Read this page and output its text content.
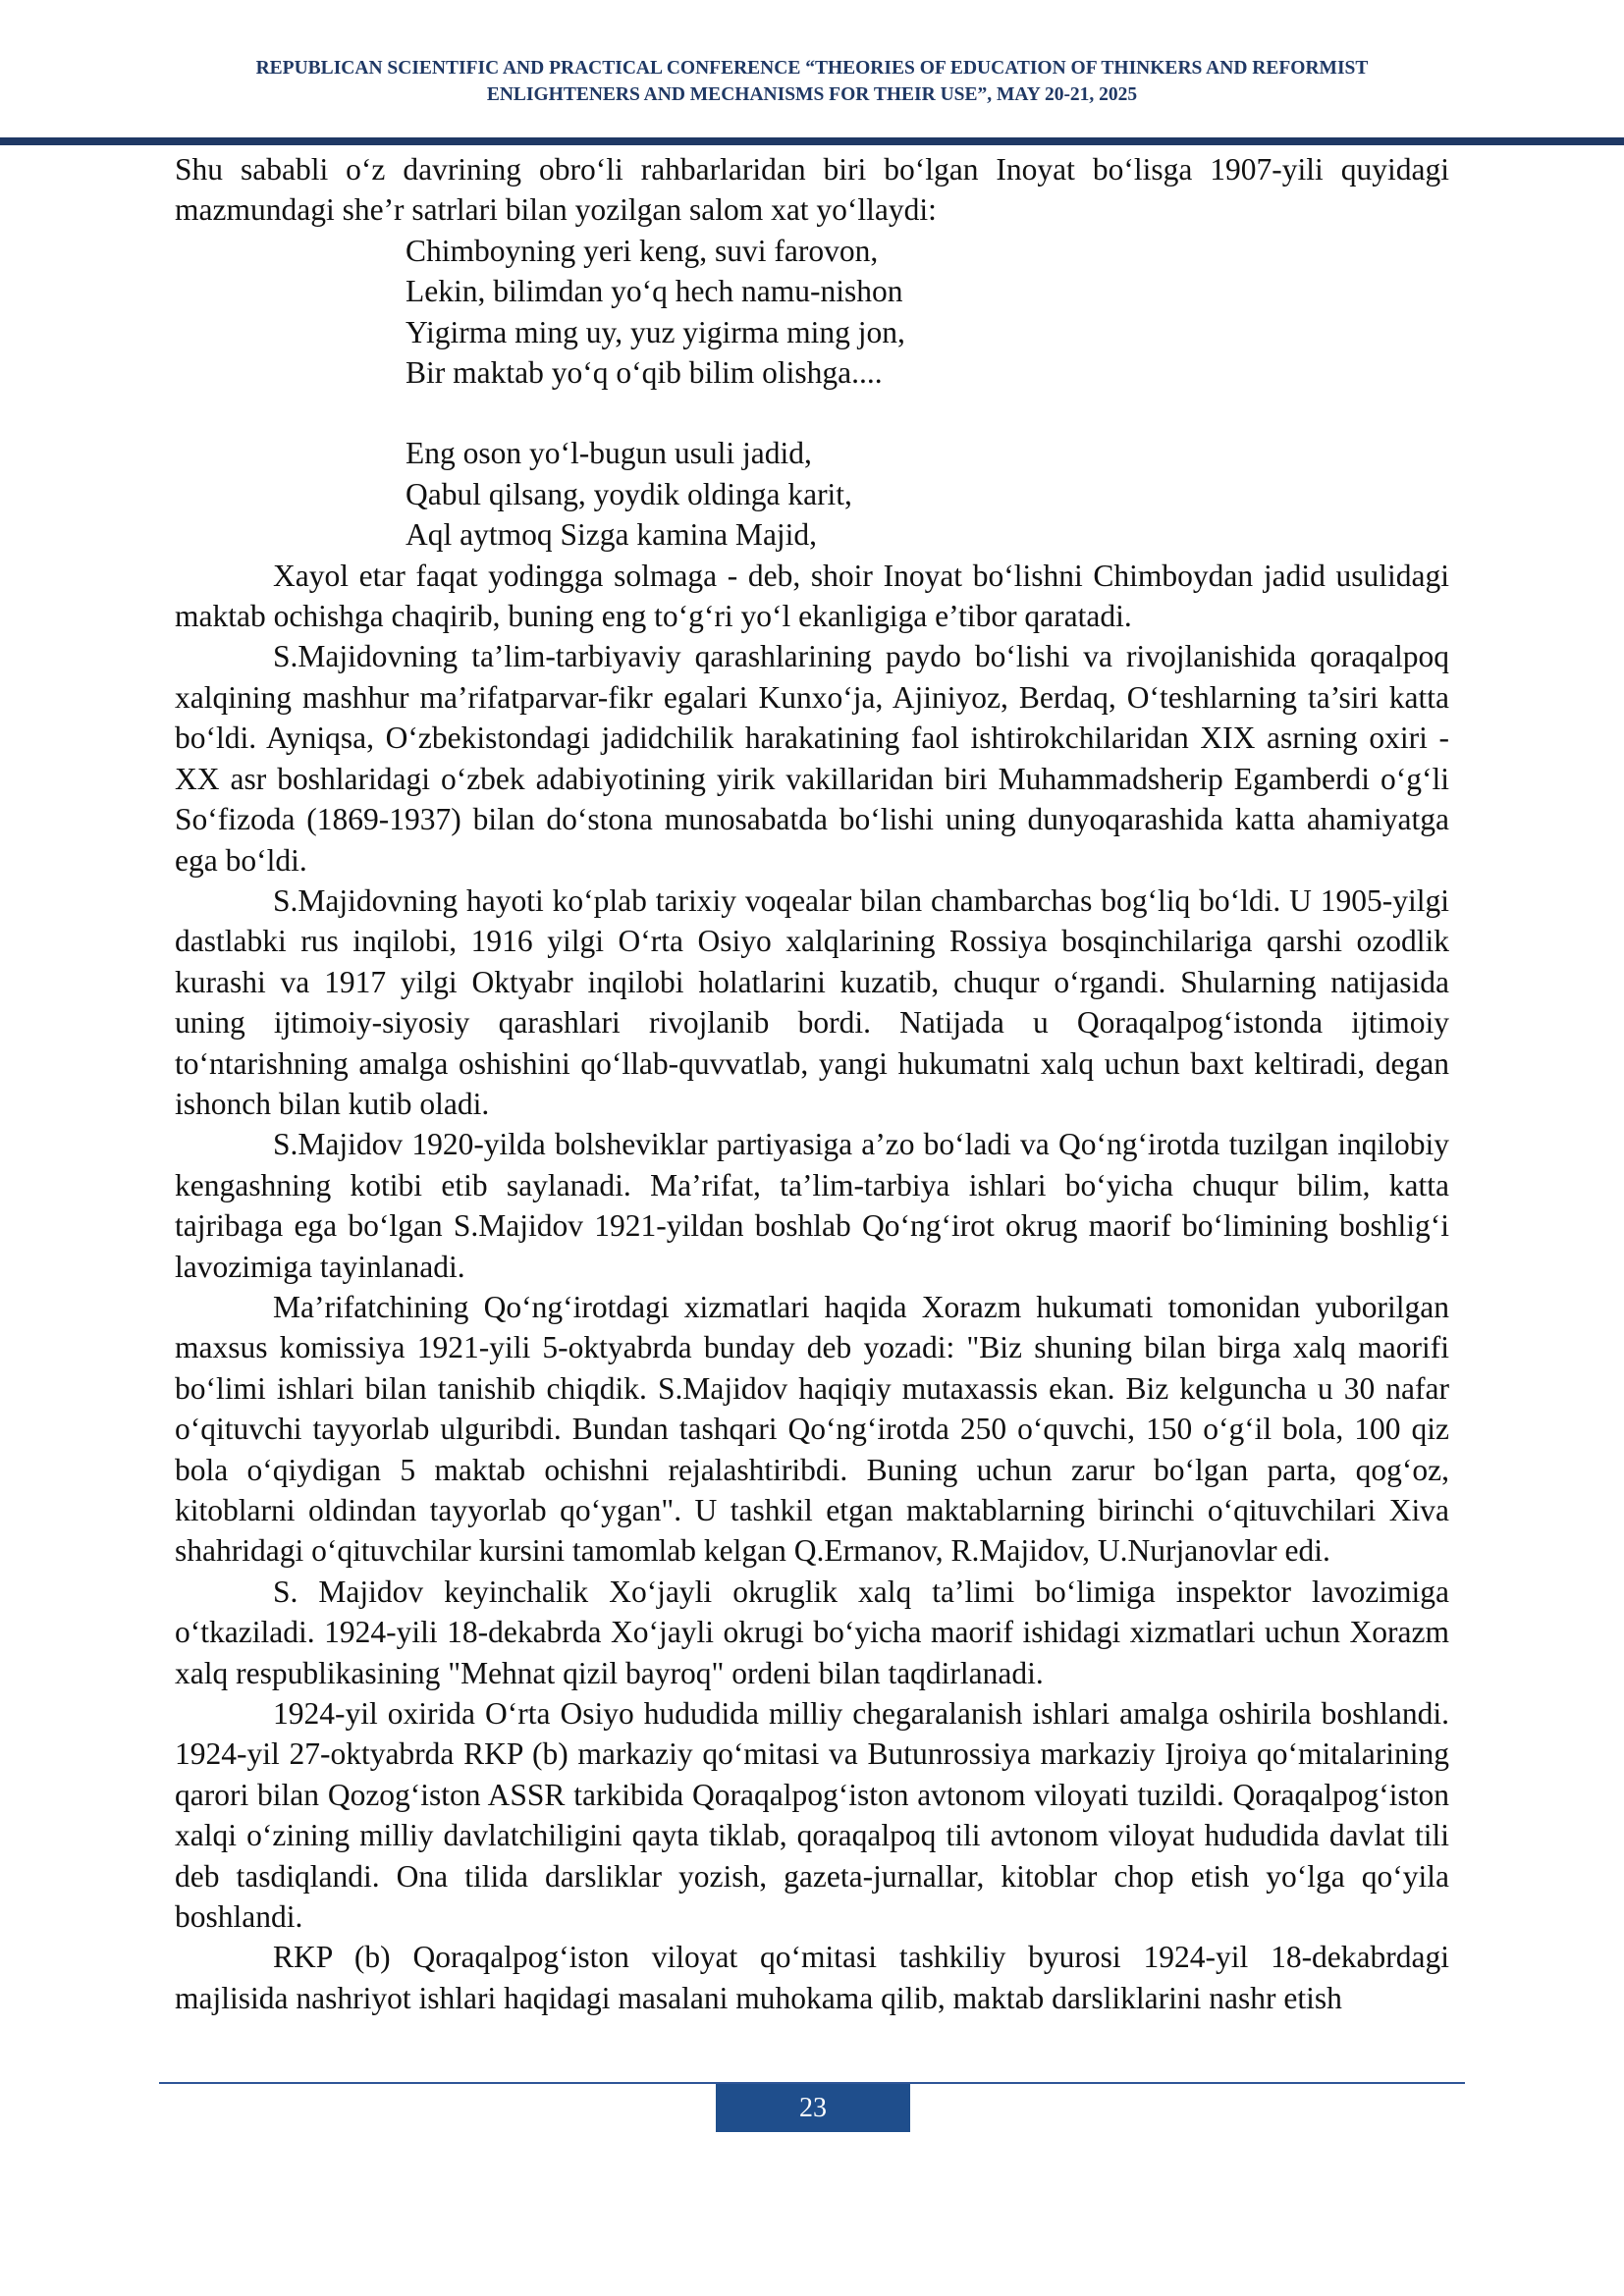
REPUBLICAN SCIENTIFIC AND PRACTICAL CONFERENCE “THEORIES OF EDUCATION OF THINKERS AND REFORMIST
ENLIGHTENERS AND MECHANISMS FOR THEIR USE”, MAY 20-21, 2025

Shu sababli o‘z davrining obro‘li rahbarlaridan biri bo‘lgan Inoyat bo‘lisga 1907-yili quyidagi mazmundagi she’r satrlari bilan yozilgan salom xat yo‘llaydi:

Chimboyning yeri keng, suvi farovon,
Lekin, bilimdan yo‘q hech namu-nishon
Yigirma ming uy, yuz yigirma ming jon,
Bir maktab yo‘q o‘qib bilim olishga....
Eng oson yo‘l-bugun usuli jadid,
Qabul qilsang, yoydik oldinga karit,
Aql aytmoq Sizga kamina Majid,

Xayol etar faqat yodingga solmaga - deb, shoir Inoyat bo‘lishni Chimboydan jadid usulidagi maktab ochishga chaqirib, buning eng to‘g‘ri yo‘l ekanligiga e’tibor qaratadi.

S.Majidovning ta’lim-tarbiyaviy qarashlarining paydo bo‘lishi va rivojlanishida qoraqalpoq xalqining mashhur ma’rifatparvar-fikr egalari Kunxo‘ja, Ajiniyoz, Berdaq, O‘teshlarning ta’siri katta bo‘ldi. Ayniqsa, O‘zbekistondagi jadidchilik harakatining faol ishtirokchilaridan XIX asrning oxiri - XX asr boshlaridagi o‘zbek adabiyotining yirik vakillaridan biri Muhammadsherip Egamberdi o‘g‘li So‘fizoda (1869-1937) bilan do‘stona munosabatda bo‘lishi uning dunyoqarashida katta ahamiyatga ega bo‘ldi.

S.Majidovning hayoti ko‘plab tarixiy voqealar bilan chambarchas bog‘liq bo‘ldi. U 1905-yilgi dastlabki rus inqilobi, 1916 yilgi O‘rta Osiyo xalqlarining Rossiya bosqinchilariga qarshi ozodlik kurashi va 1917 yilgi Oktyabr inqilobi holatlarini kuzatib, chuqur o‘rgandi. Shularning natijasida uning ijtimoiy-siyosiy qarashlari rivojlanib bordi. Natijada u Qoraqalpog‘istonda ijtimoiy to‘ntarishning amalga oshishini qo‘llab-quvvatlab, yangi hukumatni xalq uchun baxt keltiradi, degan ishonch bilan kutib oladi.

S.Majidov 1920-yilda bolsheviklar partiyasiga a’zo bo‘ladi va Qo‘ng‘irotda tuzilgan inqilobiy kengashning kotibi etib saylanadi. Ma’rifat, ta’lim-tarbiya ishlari bo‘yicha chuqur bilim, katta tajribaga ega bo‘lgan S.Majidov 1921-yildan boshlab Qo‘ng‘irot okrug maorif bo‘limining boshlig‘i lavozimiga tayinlanadi.

Ma’rifatchining Qo‘ng‘irotdagi xizmatlari haqida Xorazm hukumati tomonidan yuborilgan maxsus komissiya 1921-yili 5-oktyabrda bunday deb yozadi: "Biz shuning bilan birga xalq maorifi bo‘limi ishlari bilan tanishib chiqdik. S.Majidov haqiqiy mutaxassis ekan. Biz kelguncha u 30 nafar o‘qituvchi tayyorlab ulguribdi. Bundan tashqari Qo‘ng‘irotda 250 o‘quvchi, 150 o‘g‘il bola, 100 qiz bola o‘qiydigan 5 maktab ochishni rejalashtiribdi. Buning uchun zarur bo‘lgan parta, qog‘oz, kitoblarni oldindan tayyorlab qo‘ygan". U tashkil etgan maktablarning birinchi o‘qituvchilari Xiva shahridagi o‘qituvchilar kursini tamomlab kelgan Q.Ermanov, R.Majidov, U.Nurjanovlar edi.

S. Majidov keyinchalik Xo‘jayli okruglik xalq ta’limi bo‘limiga inspektor lavozimiga o‘tkaziladi. 1924-yili 18-dekabrda Xo‘jayli okrugi bo‘yicha maorif ishidagi xizmatlari uchun Xorazm xalq respublikasining "Mehnat qizil bayroq" ordeni bilan taqdirlanadi.

1924-yil oxirida O‘rta Osiyo hududida milliy chegaralanish ishlari amalga oshirila boshlandi. 1924-yil 27-oktyabrda RKP (b) markaziy qo‘mitasi va Butunrossiya markaziy Ijroiya qo‘mitalarining qarori bilan Qozog‘iston ASSR tarkibida Qoraqalpog‘iston avtonom viloyati tuzildi. Qoraqalpog‘iston xalqi o‘zining milliy davlatchiligini qayta tiklab, qoraqalpoq tili avtonom viloyat hududida davlat tili deb tasdiqlandi. Ona tilida darsliklar yozish, gazeta-jurnallar, kitoblar chop etish yo‘lga qo‘yila boshlandi.

RKP (b) Qoraqalpog‘iston viloyat qo‘mitasi tashkiliy byurosi 1924-yil 18-dekabrdagi majlisida nashriyot ishlari haqidagi masalani muhokama qilib, maktab darsliklarini nashr etish

23
